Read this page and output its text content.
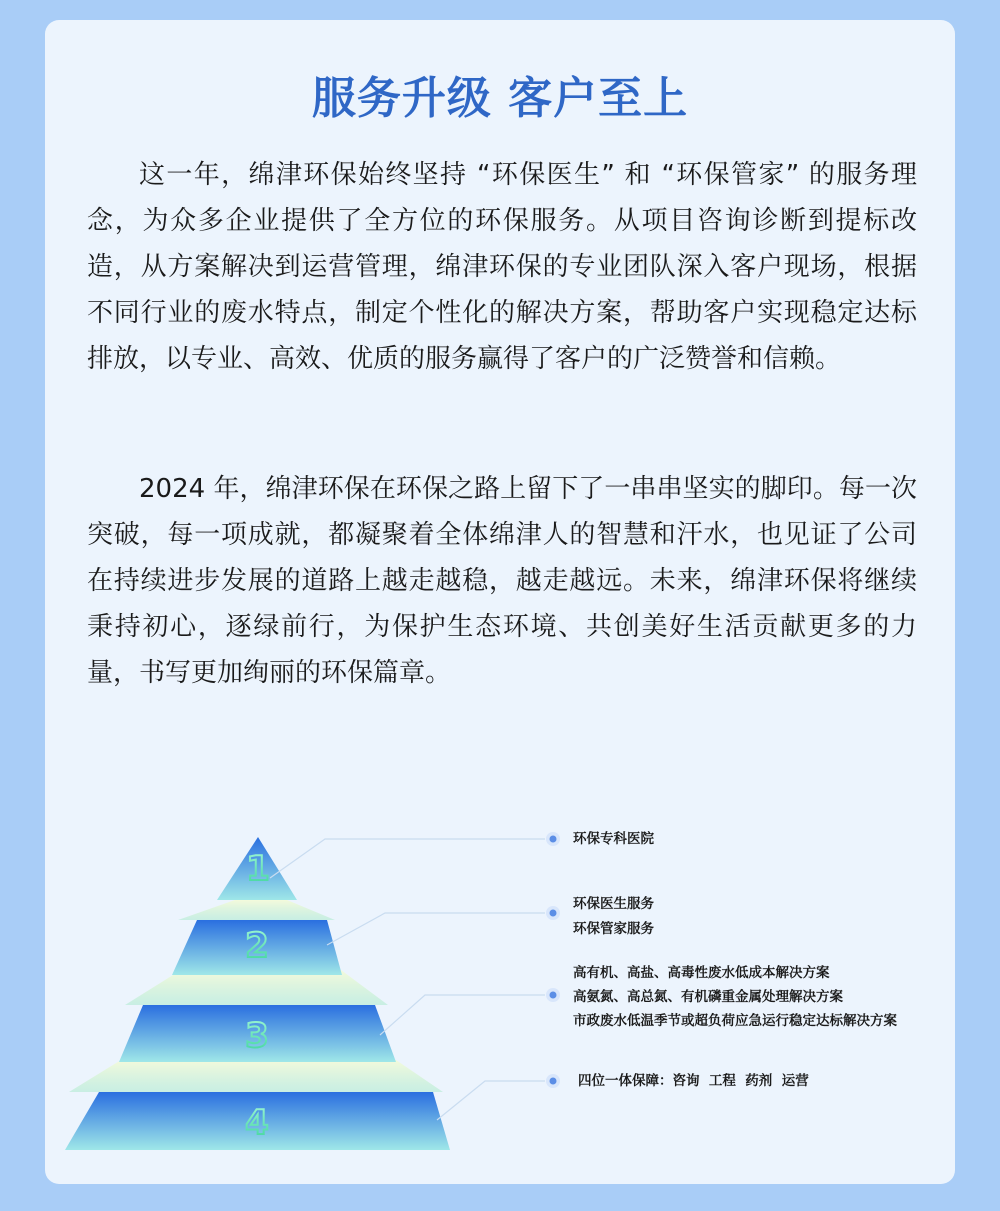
服务升级 客户至上

这一年，绵津环保始终坚持 “环保医生” 和 “环保管家” 的服务理念，为众多企业提供了全方位的环保服务。从项目咨询诊断到提标改造，从方案解决到运营管理，绵津环保的专业团队深入客户现场，根据不同行业的废水特点，制定个性化的解决方案，帮助客户实现稳定达标排放，以专业、高效、优质的服务赢得了客户的广泛赞誉和信赖。

2024 年，绵津环保在环保之路上留下了一串串坚实的脚印。每一次突破，每一项成就，都凝聚着全体绵津人的智慧和汗水，也见证了公司在持续进步发展的道路上越走越稳，越走越远。未来，绵津环保将继续秉持初心，逐绿前行，为保护生态环境、共创美好生活贡献更多的力量，书写更加绚丽的环保篇章。

1
2
3
4
环保专科医院
环保医生服务
环保管家服务
高有机、高盐、高毒性废水低成本解决方案
高氨氮、高总氮、有机磷重金属处理解决方案
市政废水低温季节或超负荷应急运行稳定达标解决方案
四位一体保障：咨询  工程  药剂  运营
